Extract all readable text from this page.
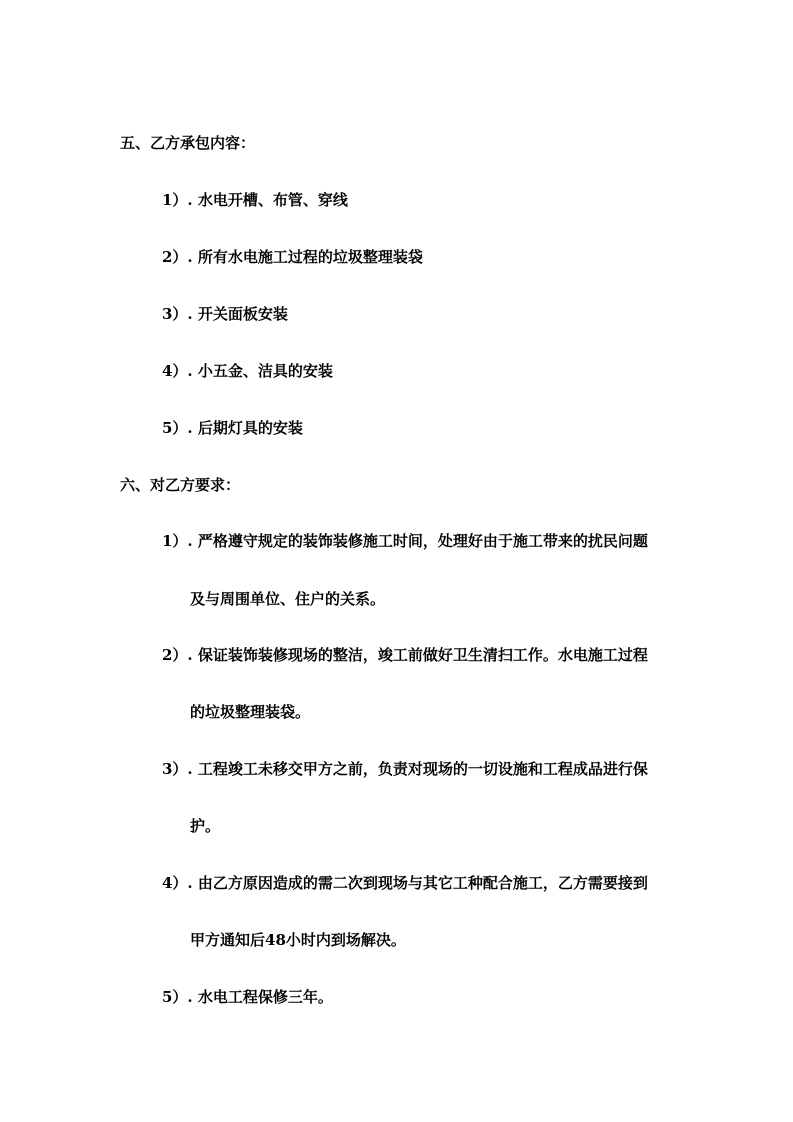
五、乙方承包内容：
1）. 水电开槽、布管、穿线
2）. 所有水电施工过程的垃圾整理装袋
3）. 开关面板安装
4）. 小五金、洁具的安装
5）. 后期灯具的安装
六、对乙方要求：
1）. 严格遵守规定的装饰装修施工时间，处理好由于施工带来的扰民问题
及与周围单位、住户的关系。
2）. 保证装饰装修现场的整洁，竣工前做好卫生清扫工作。水电施工过程
的垃圾整理装袋。
3）. 工程竣工未移交甲方之前，负责对现场的一切设施和工程成品进行保
护。
4）. 由乙方原因造成的需二次到现场与其它工种配合施工，乙方需要接到
甲方通知后48小时内到场解决。
5）. 水电工程保修三年。
